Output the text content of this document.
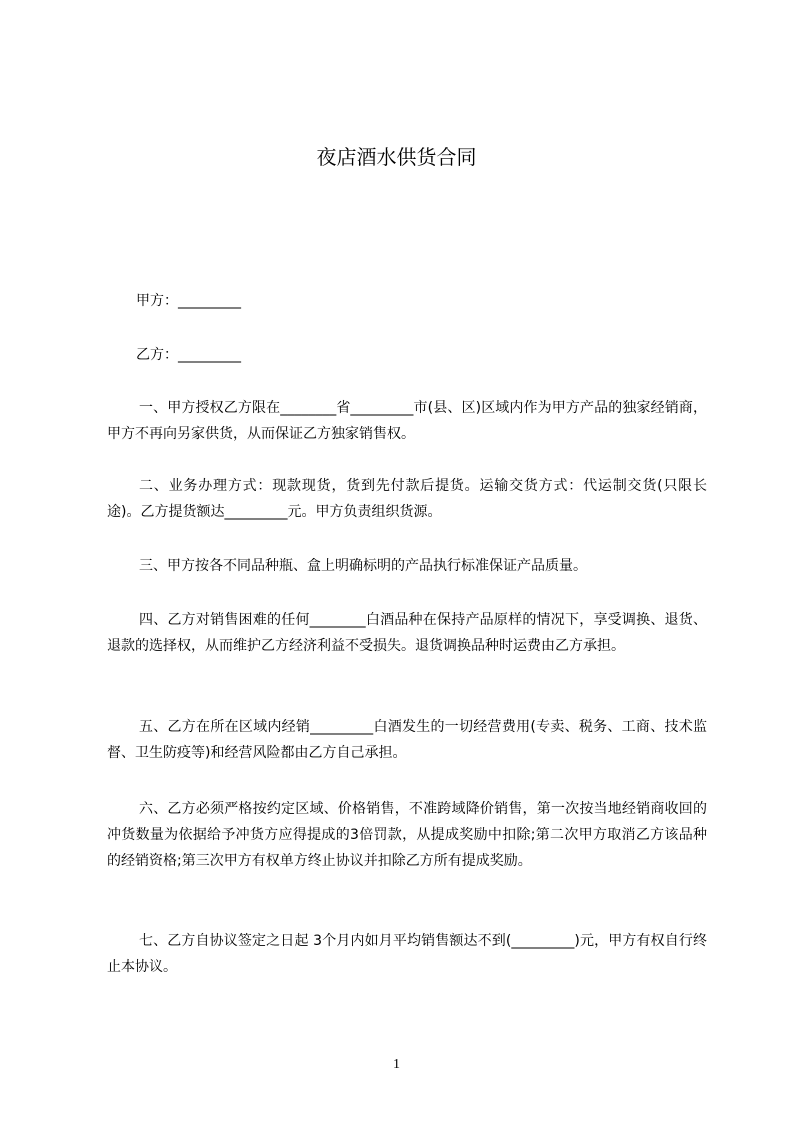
夜店酒水供货合同

甲方：_________

乙方：_________

一、甲方授权乙方限在________省_________市(县、区)区域内作为甲方产品的独家经销商，甲方不再向另家供货，从而保证乙方独家销售权。

二、业务办理方式：现款现货，货到先付款后提货。运输交货方式：代运制交货(只限长途)。乙方提货额达_________元。甲方负责组织货源。

三、甲方按各不同品种瓶、盒上明确标明的产品执行标准保证产品质量。

四、乙方对销售困难的任何________白酒品种在保持产品原样的情况下，享受调换、退货、退款的选择权，从而维护乙方经济利益不受损失。退货调换品种时运费由乙方承担。

五、乙方在所在区域内经销_________白酒发生的一切经营费用(专卖、税务、工商、技术监督、卫生防疫等)和经营风险都由乙方自己承担。

六、乙方必须严格按约定区域、价格销售，不准跨域降价销售，第一次按当地经销商收回的冲货数量为依据给予冲货方应得提成的3倍罚款，从提成奖励中扣除;第二次甲方取消乙方该品种的经销资格;第三次甲方有权单方终止协议并扣除乙方所有提成奖励。

七、乙方自协议签定之日起 3个月内如月平均销售额达不到(_________)元，甲方有权自行终止本协议。

1
